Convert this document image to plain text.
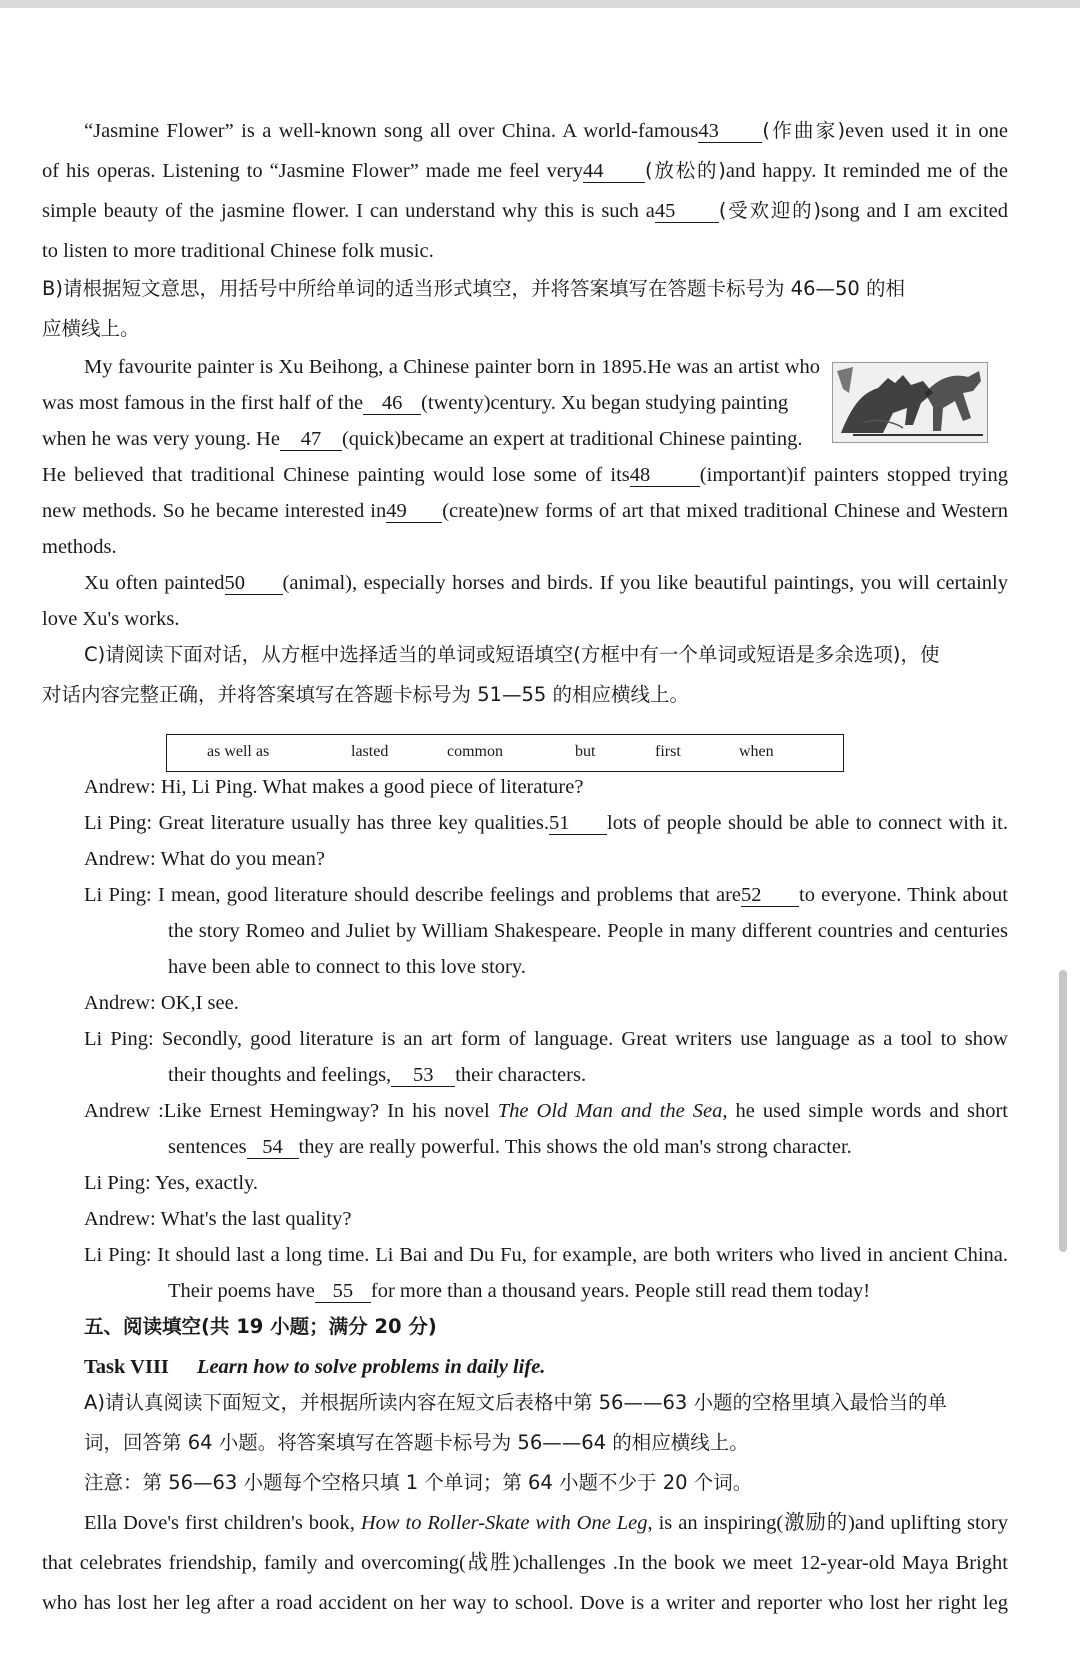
“Jasmine Flower” is a well-known song all over China. A world-famous43 (作曲家)even used it in one
of his operas. Listening to “Jasmine Flower” made me feel very44 (放松的)and happy. It reminded me of the
simple beauty of the jasmine flower. I can understand why this is such a45 (受欢迎的)song and I am excited
to listen to more traditional Chinese folk music.
B)请根据短文意思，用括号中所给单词的适当形式填空，并将答案填写在答题卡标号为 46—50 的相
应横线上。
My favourite painter is Xu Beihong, a Chinese painter born in 1895.He was an artist who
was most famous in the first half of the 46 (twenty)century. Xu began studying painting
when he was very young. He 47 (quick)became an expert at traditional Chinese painting.
He believed that traditional Chinese painting would lose some of its48 (important)if painters stopped trying
new methods. So he became interested in49 (create)new forms of art that mixed traditional Chinese and Western
methods.
Xu often painted50 (animal), especially horses and birds. If you like beautiful paintings, you will certainly
love Xu's works.
C)请阅读下面对话，从方框中选择适当的单词或短语填空(方框中有一个单词或短语是多余选项)，使
对话内容完整正确，并将答案填写在答题卡标号为 51—55 的相应横线上。
Andrew: Hi, Li Ping. What makes a good piece of literature?
Li Ping: Great literature usually has three key qualities.51 lots of people should be able to connect with it.
Andrew: What do you mean?
Li Ping: I mean, good literature should describe feelings and problems that are52 to everyone. Think about
the story Romeo and Juliet by William Shakespeare. People in many different countries and centuries
have been able to connect to this love story.
Andrew: OK,I see.
Li Ping: Secondly, good literature is an art form of language. Great writers use language as a tool to show
their thoughts and feelings, 53 their characters.
Andrew :Like Ernest Hemingway? In his novel The Old Man and the Sea, he used simple words and short
sentences 54 they are really powerful. This shows the old man's strong character.
Li Ping: Yes, exactly.
Andrew: What's the last quality?
Li Ping: It should last a long time. Li Bai and Du Fu, for example, are both writers who lived in ancient China.
Their poems have 55 for more than a thousand years. People still read them today!
五、阅读填空(共 19 小题；满分 20 分)
Task VIII Learn how to solve problems in daily life.
A)请认真阅读下面短文，并根据所读内容在短文后表格中第 56——63 小题的空格里填入最恰当的单
词，回答第 64 小题。将答案填写在答题卡标号为 56——64 的相应横线上。
注意：第 56—63 小题每个空格只填 1 个单词；第 64 小题不少于 20 个词。
Ella Dove's first children's book, How to Roller-Skate with One Leg, is an inspiring(激励的)and uplifting story
that celebrates friendship, family and overcoming(战胜)challenges .In the book we meet 12-year-old Maya Bright
who has lost her leg after a road accident on her way to school. Dove is a writer and reporter who lost her right leg
as well as	lasted	common	but	first	when
